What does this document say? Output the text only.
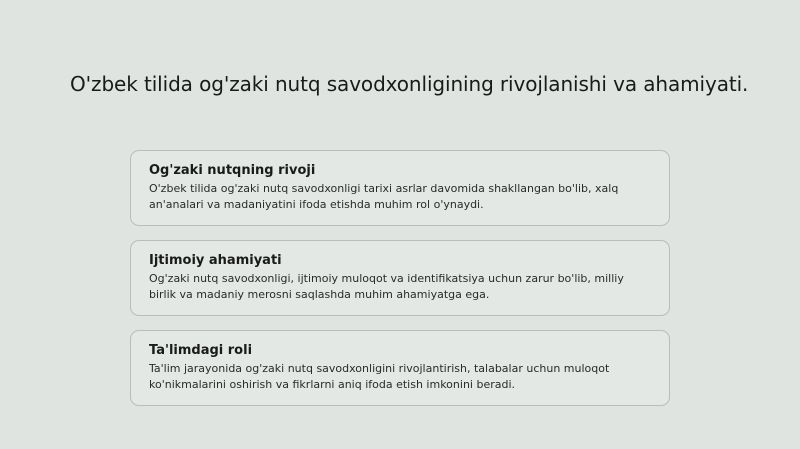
O'zbek tilida og'zaki nutq savodxonligining rivojlanishi va ahamiyati.

Og'zaki nutqning rivoji

O'zbek tilida og'zaki nutq savodxonligi tarixi asrlar davomida shakllangan bo'lib, xalq an'analari va madaniyatini ifoda etishda muhim rol o'ynaydi.

Ijtimoiy ahamiyati

Og'zaki nutq savodxonligi, ijtimoiy muloqot va identifikatsiya uchun zarur bo'lib, milliy birlik va madaniy merosni saqlashda muhim ahamiyatga ega.

Ta'limdagi roli

Ta'lim jarayonida og'zaki nutq savodxonligini rivojlantirish, talabalar uchun muloqot ko'nikmalarini oshirish va fikrlarni aniq ifoda etish imkonini beradi.
